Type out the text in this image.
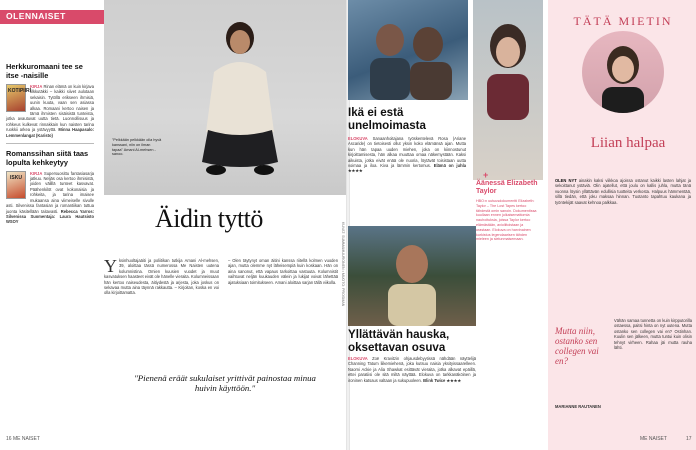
OLENNAISET
Herkkuromaani tee se itse -naisille
KOTIPIIRI
KIRJA Rinan elämä on kuin kirjava tilkkutäkki – kaikki siivet aulotaan sekaisin. Tytöllä erikseen ihmisiä, uunin kuuta, vaan sen asiassa alkaa. Romaani kertoo naisen ja tämä ihmisten sisäisistä tunteista, jotka avautuvat uutta tietä. Luonnollisuus ja rohkeus kulkevat rinnakkain kun naisten tarina ruokkii arkea ja ystävyyttä. Minna Haapasalo: Lemmenlangat (Karisto)
Romanssihan siitä taas lopulta kehkeytyy
ISKU
KIRJA Supersuosittu fantasiasarja jatkuu. Neljäs osa kertoo ihmisistä, joiden välillä tunteet kasvavat. Päähenkilöt ovat kokonaisia ja rohkeita, ja tarina imaisee mukaansa aina viimeiselle sivulle asti. Silvenissa fantasian ja romantiikan tuttua juonta käsitellään taitavasti. Rebecca Yarros: Silvenissa Suomentaja: Laura Hautsisto WSOY
"Pelkkään pelkkään olla hyvä kanssani, niin on ilman tapaa" Amani Al-mehsen -sanoo.
Äidin tyttö
Y ksinhuoltajaäiti ja poliitikan tutkija Amani Al-mehsen, 39, aloittaa tässä numerossa Me Naisten uutena kolumnistina. Omien kuusien vuodet ja muut kasvatuksen haasteet eivät ole hänelle vieraita. Kolumneissaan hän kertoo naiseudesta, äitiydestä ja arjesta, joka joskus on sekavaa mutta aina täynnä rakkautta. – Kirjoitan, koska en voi olla kirjoittamatta.
– Olen täytynyt oman äitini kanssa riitellä kolmen vuoden ajan, mutta olemme nyt läheisempiä kuin koskaan. Hän on aina sanonut, että vapaus tarkoittaa vastuuta. Kolumnistit vaihtuvat neljän kuukauden välein ja lukijat voivat lähettää ajatuksiaan toimitukseen. Amani aloittaa sarjan tällä viikolla.
"Pienenä eräät sukulaiset yrittivät painostaa minua huivin käyttöön."
16 ME NAISET
KUVAT: SUMMAMUURONEN • MUOTO: PROSMAN
Ikä ei estä unelmoimasta
ELOKUVA Sanaanhoitajana työskentelevä Rosa (Ariane Ascaride) on tietoisesti ollut yksin koko elämänsä ajan. Mutta kun hän tapaa uuden miehen, joka on kiinnostunut kirjoittamisesta, hän alkaa muuttaa omaa näkemystään. Kaksi aikuista, jotka eivät enää ole nuoria, löytävät toisistaan uutta voimaa ja iloa. Kiva ja lämmin kertomus. Elämä on juhla ★★★★	+
Äänessä Elizabeth Taylor
HBO:n uutuusdokumentti Elizabeth: Taylor – The Lost Tapes kertoo tähdestä omin sanoin. Dokumentissa kuullaan ennen julkaisemattomia nauhoituksia, joissa Taylor kertoo elämästään, avioliitoistaan ja urastaan. Elokuva on harvinainen kurkistus legendaarisen tähden mieleen ja sielunmaisemaan.
Yllättävän hauska, oksettavan osuva
ELOKUVA Zoë Kravitzin ohjausdebyytissä nähdään näyttelijä Channing Tatum liikemiehenä, joka kutsuu naisia yksityissaarelleen. Naomi Ackie ja Alia Shawkat esittävät vieraita, jotka alkavat epäillä, ettei paratiisi ole sitä miltä näyttää. Elokuva on tarkkanäköinen ja ironinen katsaus valtaan ja sukupuoleen. Blink Twice ★★★★
TÄTÄ MIETIN
Liian halpaa
OLEN NYT ainakin kaksi viikkoa ajoissa ostanut kaikki lasten lahjat ja sekoittanut ystäviä. Olin ajatellut, että joulu on kallis juhla, mutta tänä vuonna löysin yllättävän edullisia tuotteita verkosta. Halpuus hämmentää, sillä tiedän, että joku maksaa hinnan. Tuotanto tapahtuu kaukana ja työntekijät saavat kehnoa palkkaa.
Mutta niin, ostanko sen collegen vai en?
Vähän samaa tunnetta on kuin kirpputorilla ostaessa, paitsi hinta on nyt uutena. Mutta ostanko sen collegen vai en? Ostinhan. Kuulin sen jälkeen, mutta tuntui kuin olisin tehnyt virheen. Rahaa jäi mutta rauha lähti.
MARIANNE RAUTANEN
ME NAISET	17
